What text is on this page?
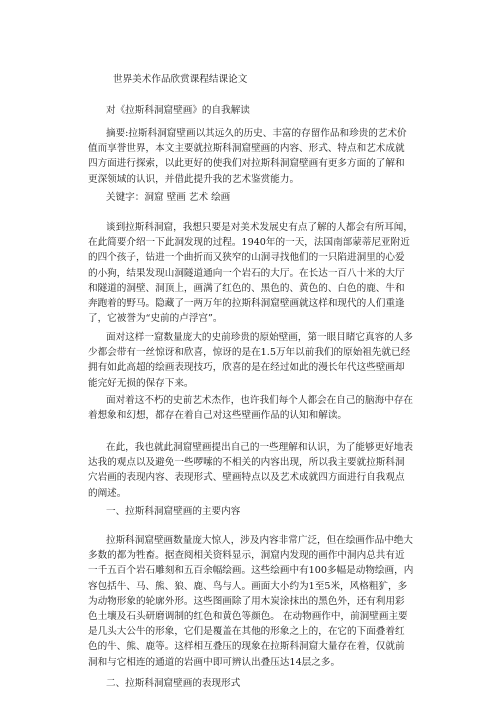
世界美术作品欣赏课程结课论文
对《拉斯科洞窟壁画》的自我解读

摘要:拉斯科洞窟壁画以其远久的历史、丰富的存留作品和珍贵的艺术价值而享誉世界，本文主要就拉斯科洞窟壁画的内容、形式、特点和艺术成就四方面进行探索，以此更好的使我们对拉斯科洞窟壁画有更多方面的了解和更深领域的认识，并借此提升我的艺术鉴赏能力。

关键字：洞窟 壁画 艺术 绘画

谈到拉斯科洞窟，我想只要是对美术发展史有点了解的人都会有所耳闻，在此简要介绍一下此洞发现的过程。1940年的一天，法国南部蒙蒂尼亚附近的四个孩子，钻进一个曲折而又狭窄的山洞寻找他们的一只陷进洞里的心爱的小狗，结果发现山洞隧道通向一个岩石的大厅。在长达一百八十米的大厅和隧道的洞壁、洞顶上，画满了红色的、黑色的、黄色的、白色的鹿、牛和奔跑着的野马。隐藏了一两万年的拉斯科洞窟壁画就这样和现代的人们重逢了，它被誉为“史前的卢浮宫”。

面对这样一窟数量庞大的史前珍贵的原始壁画，第一眼目睹它真容的人多少都会带有一丝惊讶和欣喜，惊讶的是在1.5万年以前我们的原始祖先就已经拥有如此高超的绘画表现技巧，欣喜的是在经过如此的漫长年代这些壁画却能完好无损的保存下来。

面对着这不朽的史前艺术杰作，也许我们每个人都会在自己的脑海中存在着想象和幻想，都存在着自己对这些壁画作品的认知和解读。

在此，我也就此洞窟壁画提出自己的一些理解和认识，为了能够更好地表达我的观点以及避免一些啰嗦的不相关的内容出现，所以我主要就拉斯科洞穴岩画的表现内容、表现形式、壁画特点以及艺术成就四方面进行自我观点的阐述。

一、拉斯科洞窟壁画的主要内容

拉斯科洞窟壁画数量庞大惊人，涉及内容非常广泛，但在绘画作品中绝大多数的都为牲畜。据查阅相关资料显示，洞窟内发现的画作中洞内总共有近一千五百个岩石雕刻和五百余幅绘画。这些绘画中有100多幅是动物绘画，内容包括牛、马、熊、狼、鹿、鸟与人。画面大小约为1至5米，风格粗犷，多为动物形象的轮廓外形。这些图画除了用木炭涂抹出的黑色外，还有利用彩色土壤及石头研磨调制的红色和黄色等颜色。 在动物画作中，前洞壁画主要是几头大公牛的形象，它们是覆盖在其他的形象之上的，在它的下面叠着红色的牛、熊、鹿等。这样相互叠压的现象在拉斯科洞窟大量存在着，仅就前洞和与它相连的通道的岩画中即可辨认出叠压达14层之多。

二、拉斯科洞窟壁画的表现形式
